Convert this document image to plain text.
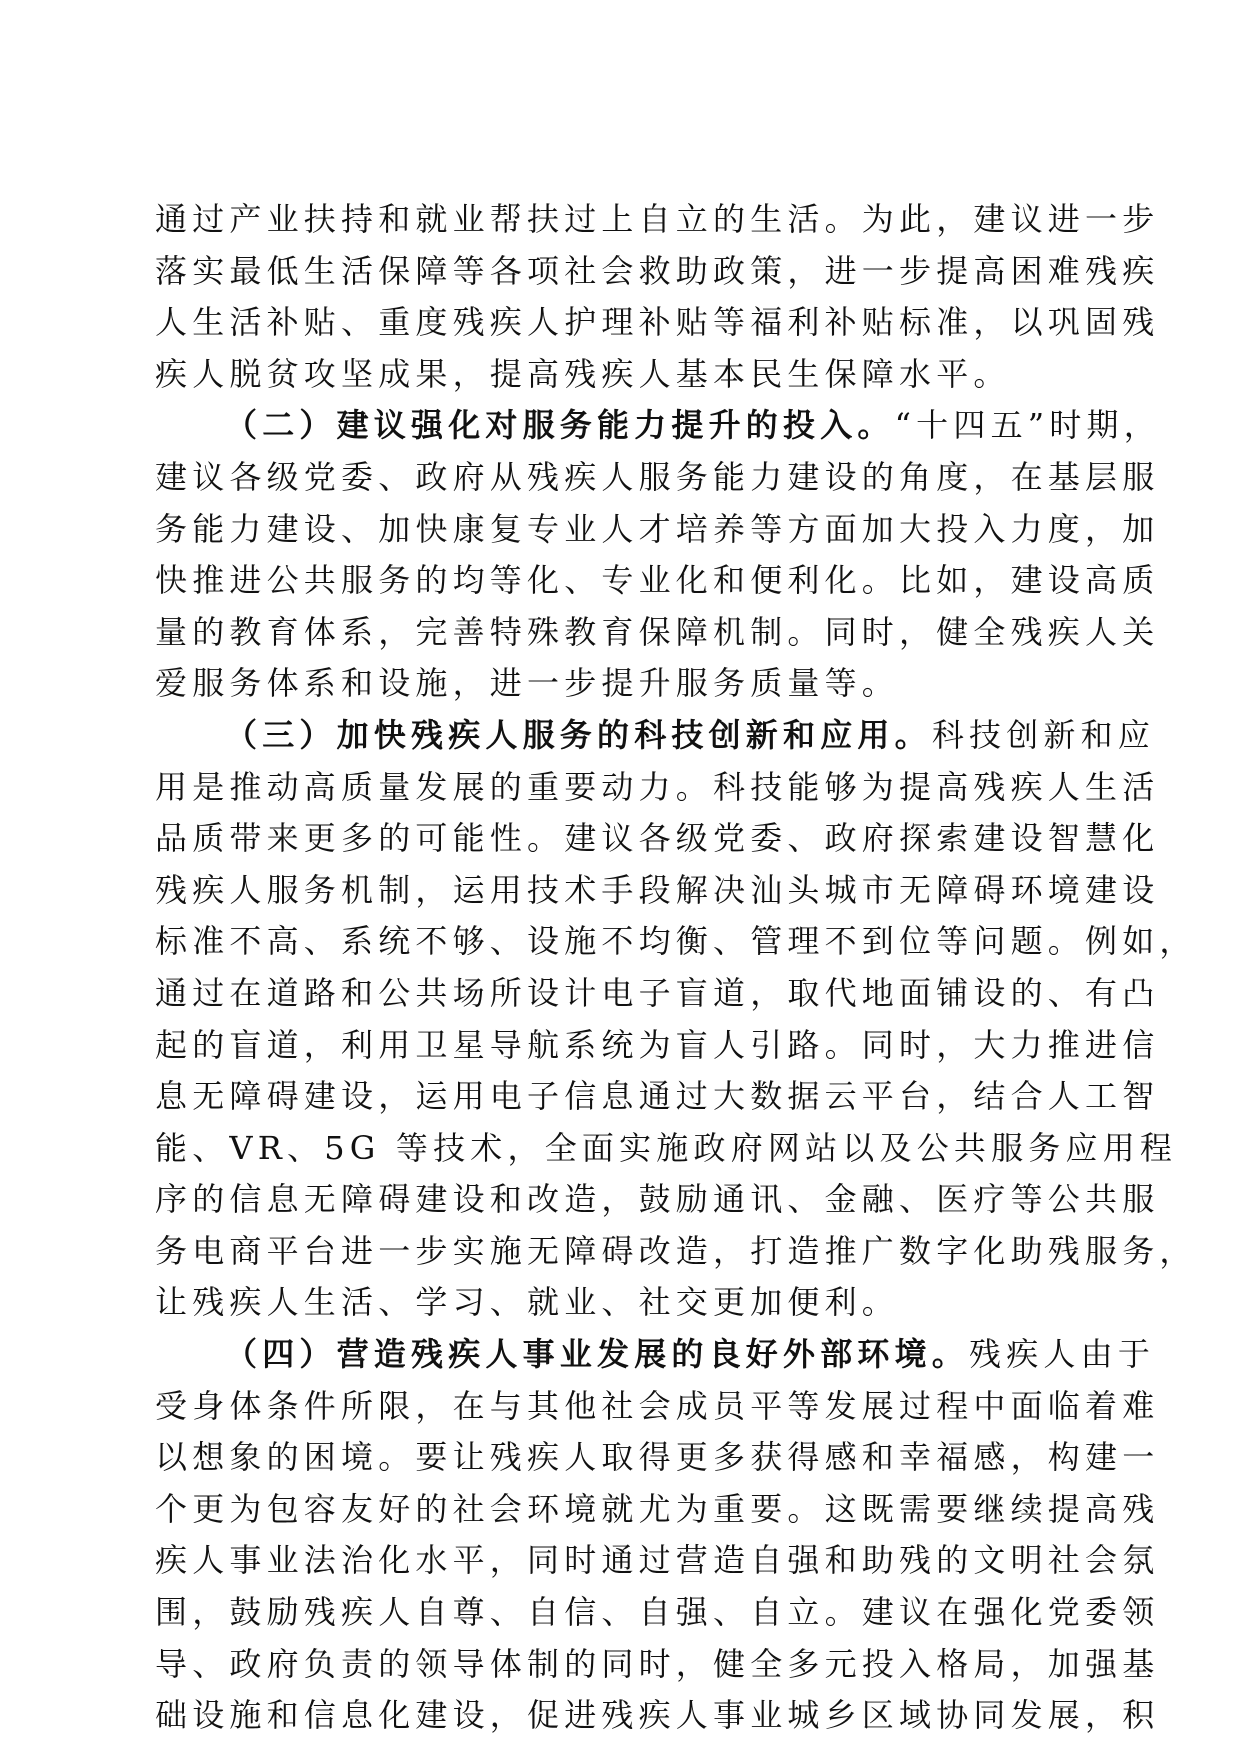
通过产业扶持和就业帮扶过上自立的生活。为此，建议进一步
落实最低生活保障等各项社会救助政策，进一步提高困难残疾
人生活补贴、重度残疾人护理补贴等福利补贴标准，以巩固残
疾人脱贫攻坚成果，提高残疾人基本民生保障水平。
（二）建议强化对服务能力提升的投入。“十四五”时期，
建议各级党委、政府从残疾人服务能力建设的角度，在基层服
务能力建设、加快康复专业人才培养等方面加大投入力度，加
快推进公共服务的均等化、专业化和便利化。比如，建设高质
量的教育体系，完善特殊教育保障机制。同时，健全残疾人关
爱服务体系和设施，进一步提升服务质量等。
（三）加快残疾人服务的科技创新和应用。科技创新和应
用是推动高质量发展的重要动力。科技能够为提高残疾人生活
品质带来更多的可能性。建议各级党委、政府探索建设智慧化
残疾人服务机制，运用技术手段解决汕头城市无障碍环境建设
标准不高、系统不够、设施不均衡、管理不到位等问题。例如，
通过在道路和公共场所设计电子盲道，取代地面铺设的、有凸
起的盲道，利用卫星导航系统为盲人引路。同时，大力推进信
息无障碍建设，运用电子信息通过大数据云平台，结合人工智
能、VR、5G 等技术，全面实施政府网站以及公共服务应用程
序的信息无障碍建设和改造，鼓励通讯、金融、医疗等公共服
务电商平台进一步实施无障碍改造，打造推广数字化助残服务，
让残疾人生活、学习、就业、社交更加便利。
（四）营造残疾人事业发展的良好外部环境。残疾人由于
受身体条件所限，在与其他社会成员平等发展过程中面临着难
以想象的困境。要让残疾人取得更多获得感和幸福感，构建一
个更为包容友好的社会环境就尤为重要。这既需要继续提高残
疾人事业法治化水平，同时通过营造自强和助残的文明社会氛
围，鼓励残疾人自尊、自信、自强、自立。建议在强化党委领
导、政府负责的领导体制的同时，健全多元投入格局，加强基
础设施和信息化建设，促进残疾人事业城乡区域协同发展，积
